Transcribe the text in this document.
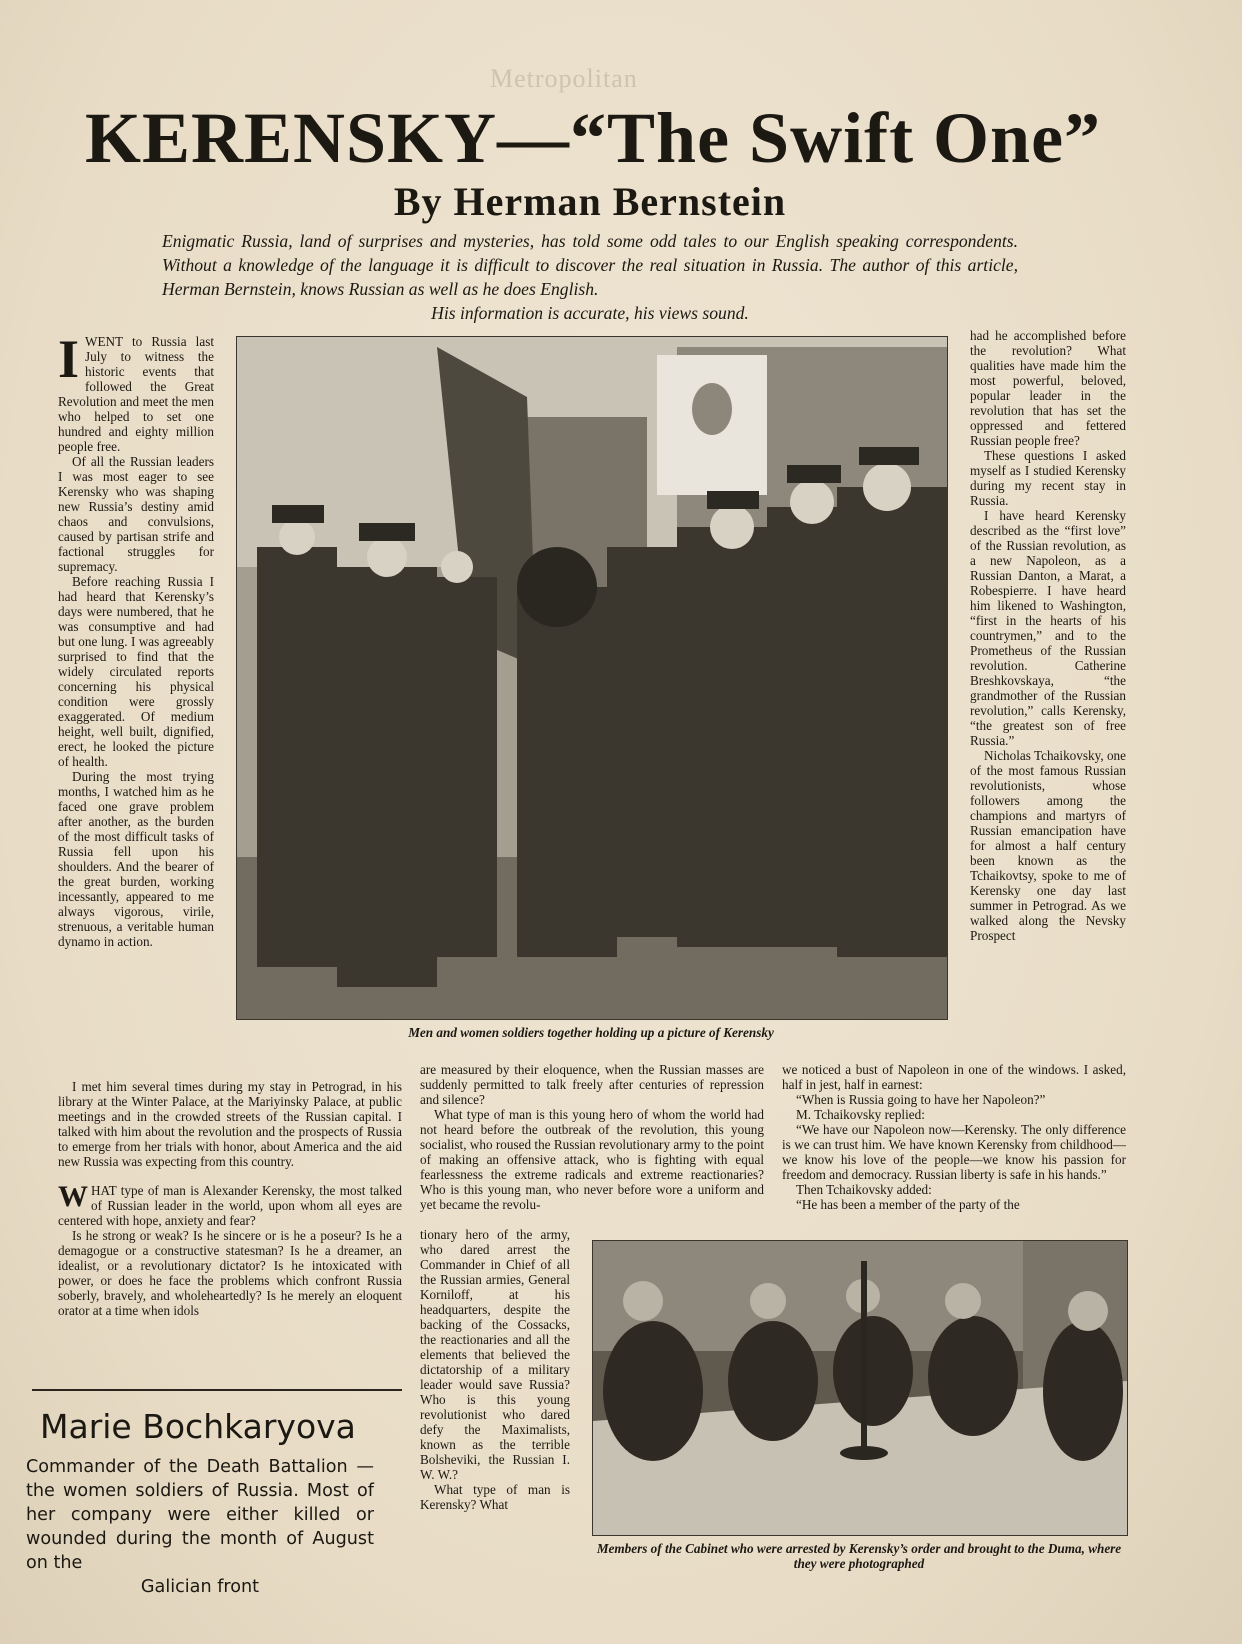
Metropolitan
KERENSKY—“The Swift One”
By Herman Bernstein
Enigmatic Russia, land of surprises and mysteries, has told some odd tales to our English speaking correspondents. Without a knowledge of the language it is difficult to discover the real situation in Russia. The author of this article, Herman Bernstein, knows Russian as well as he does English.
His information is accurate, his views sound.

IWENT to Russia last July to witness the historic events that followed the Great Revolution and meet the men who helped to set one hundred and eighty million people free.

Of all the Russian leaders I was most eager to see Kerensky who was shaping new Russia’s destiny amid chaos and convulsions, caused by partisan strife and factional struggles for supremacy.

Before reaching Russia I had heard that Kerensky’s days were numbered, that he was consumptive and had but one lung. I was agreeably surprised to find that the widely circulated reports concerning his physical condition were grossly exaggerated. Of medium height, well built, dignified, erect, he looked the picture of health.

During the most trying months, I watched him as he faced one grave problem after another, as the burden of the most difficult tasks of Russia fell upon his shoulders. And the bearer of the great burden, working incessantly, appeared to me always vigorous, virile, strenuous, a veritable human dynamo in action.

I met him several times during my stay in Petrograd, in his library at the Winter Palace, at the Mariyinsky Palace, at public meetings and in the crowded streets of the Russian capital. I talked with him about the revolution and the prospects of Russia to emerge from her trials with honor, about America and the aid new Russia was expecting from this country.

WHAT type of man is Alexander Kerensky, the most talked of Russian leader in the world, upon whom all eyes are centered with hope, anxiety and fear?

Is he strong or weak? Is he sincere or is he a poseur? Is he a demagogue or a constructive statesman? Is he a dreamer, an idealist, or a revolutionary dictator? Is he intoxicated with power, or does he face the problems which confront Russia soberly, bravely, and wholeheartedly? Is he merely an eloquent orator at a time when idols

Men and women soldiers together holding up a picture of Kerensky

had he accomplished before the revolution? What qualities have made him the most powerful, beloved, popular leader in the revolution that has set the oppressed and fettered Russian people free?

These questions I asked myself as I studied Kerensky during my recent stay in Russia.

I have heard Kerensky described as the “first love” of the Russian revolution, as a new Napoleon, as a Russian Danton, a Marat, a Robespierre. I have heard him likened to Washington, “first in the hearts of his countrymen,” and to the Prometheus of the Russian revolution. Catherine Breshkovskaya, “the grandmother of the Russian revolution,” calls Kerensky, “the greatest son of free Russia.”

Nicholas Tchaikovsky, one of the most famous Russian revolutionists, whose followers among the champions and martyrs of Russian emancipation have for almost a half century been known as the Tchaikovtsy, spoke to me of Kerensky one day last summer in Petrograd. As we walked along the Nevsky Prospect

are measured by their eloquence, when the Russian masses are suddenly permitted to talk freely after centuries of repression and silence?

What type of man is this young hero of whom the world had not heard before the outbreak of the revolution, this young socialist, who roused the Russian revolutionary army to the point of making an offensive attack, who is fighting with equal fearlessness the extreme radicals and extreme reactionaries? Who is this young man, who never before wore a uniform and yet became the revolu-

tionary hero of the army, who dared arrest the Commander in Chief of all the Russian armies, General Korniloff, at his headquarters, despite the backing of the Cossacks, the reactionaries and all the elements that believed the dictatorship of a military leader would save Russia? Who is this young revolutionist who dared defy the Maximalists, known as the terrible Bolsheviki, the Russian I. W. W.?

What type of man is Kerensky? What

we noticed a bust of Napoleon in one of the windows. I asked, half in jest, half in earnest:

“When is Russia going to have her Napoleon?”

M. Tchaikovsky replied:

“We have our Napoleon now—Kerensky. The only difference is we can trust him. We have known Kerensky from childhood—we know his love of the people—we know his passion for freedom and democracy. Russian liberty is safe in his hands.”

Then Tchaikovsky added:

“He has been a member of the party of the

Members of the Cabinet who were arrested by Kerensky’s order and brought to the Duma, where they were photographed
Marie Bochkaryova
Commander of the Death Battalion — the women soldiers of Russia. Most of her company were either killed or wounded during the month of August on the
Galician front
